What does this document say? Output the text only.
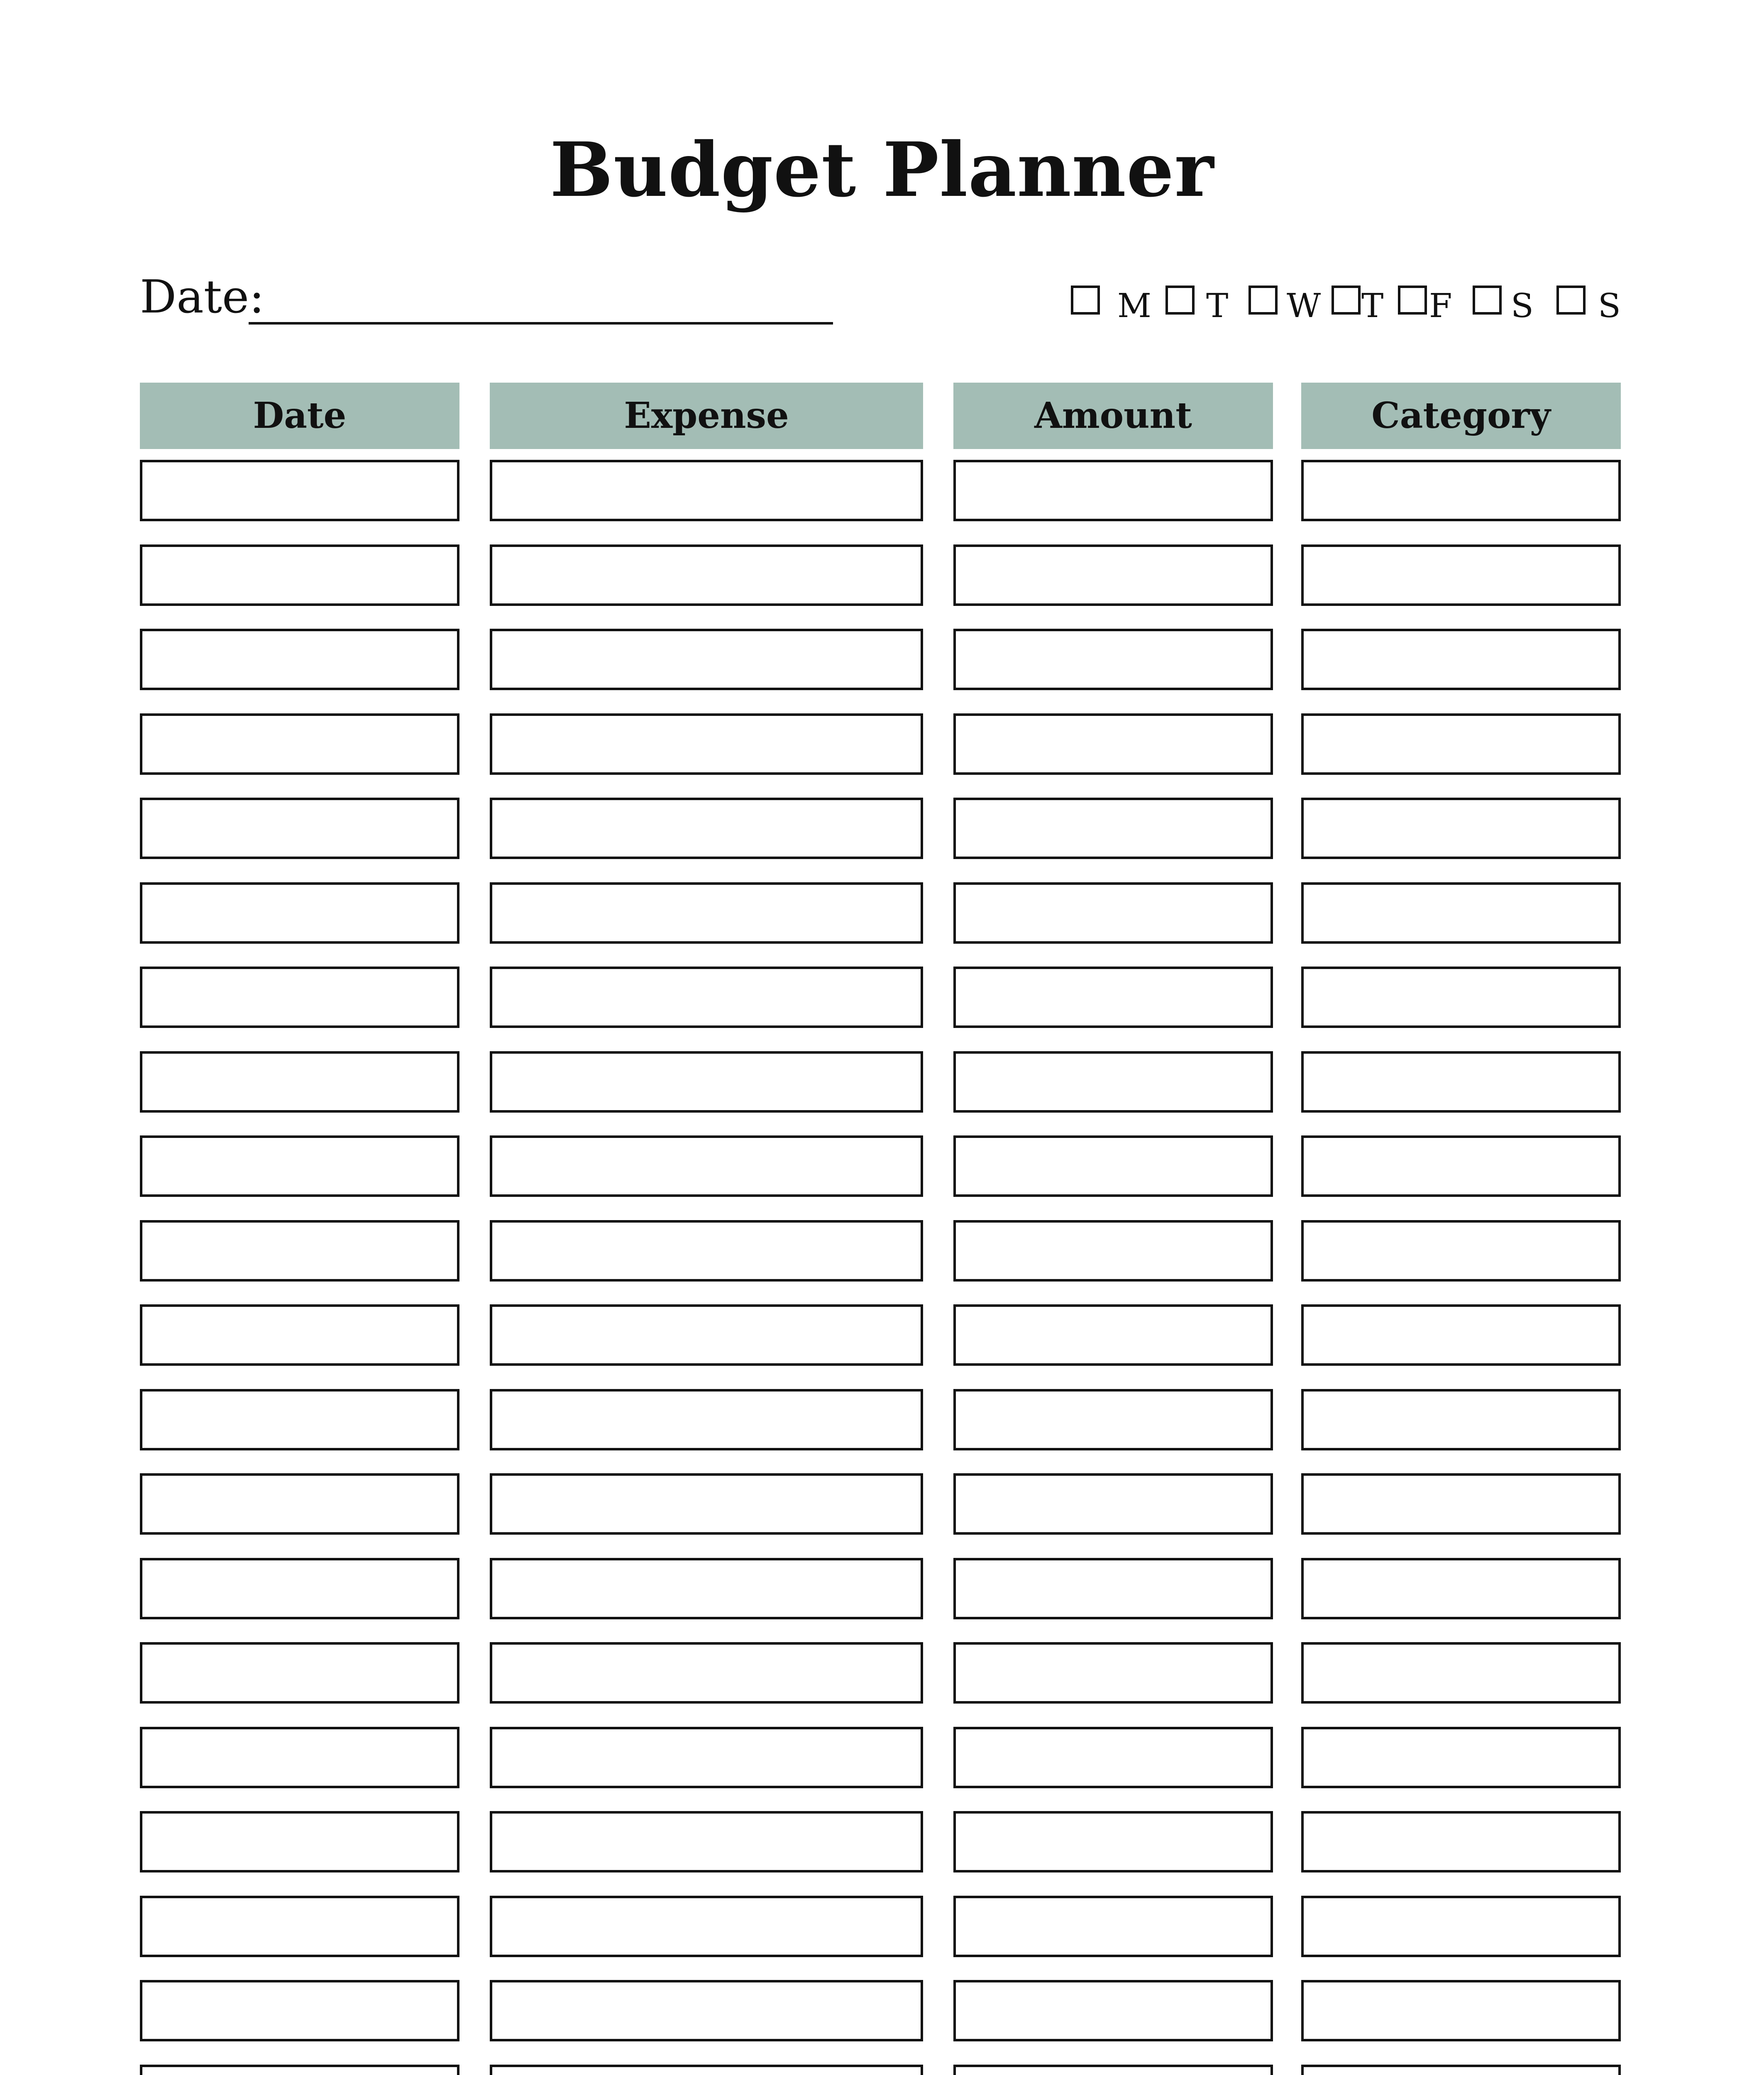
Budget Planner
Date:	M T W T F S S
Date	Expense	Amount	Category
